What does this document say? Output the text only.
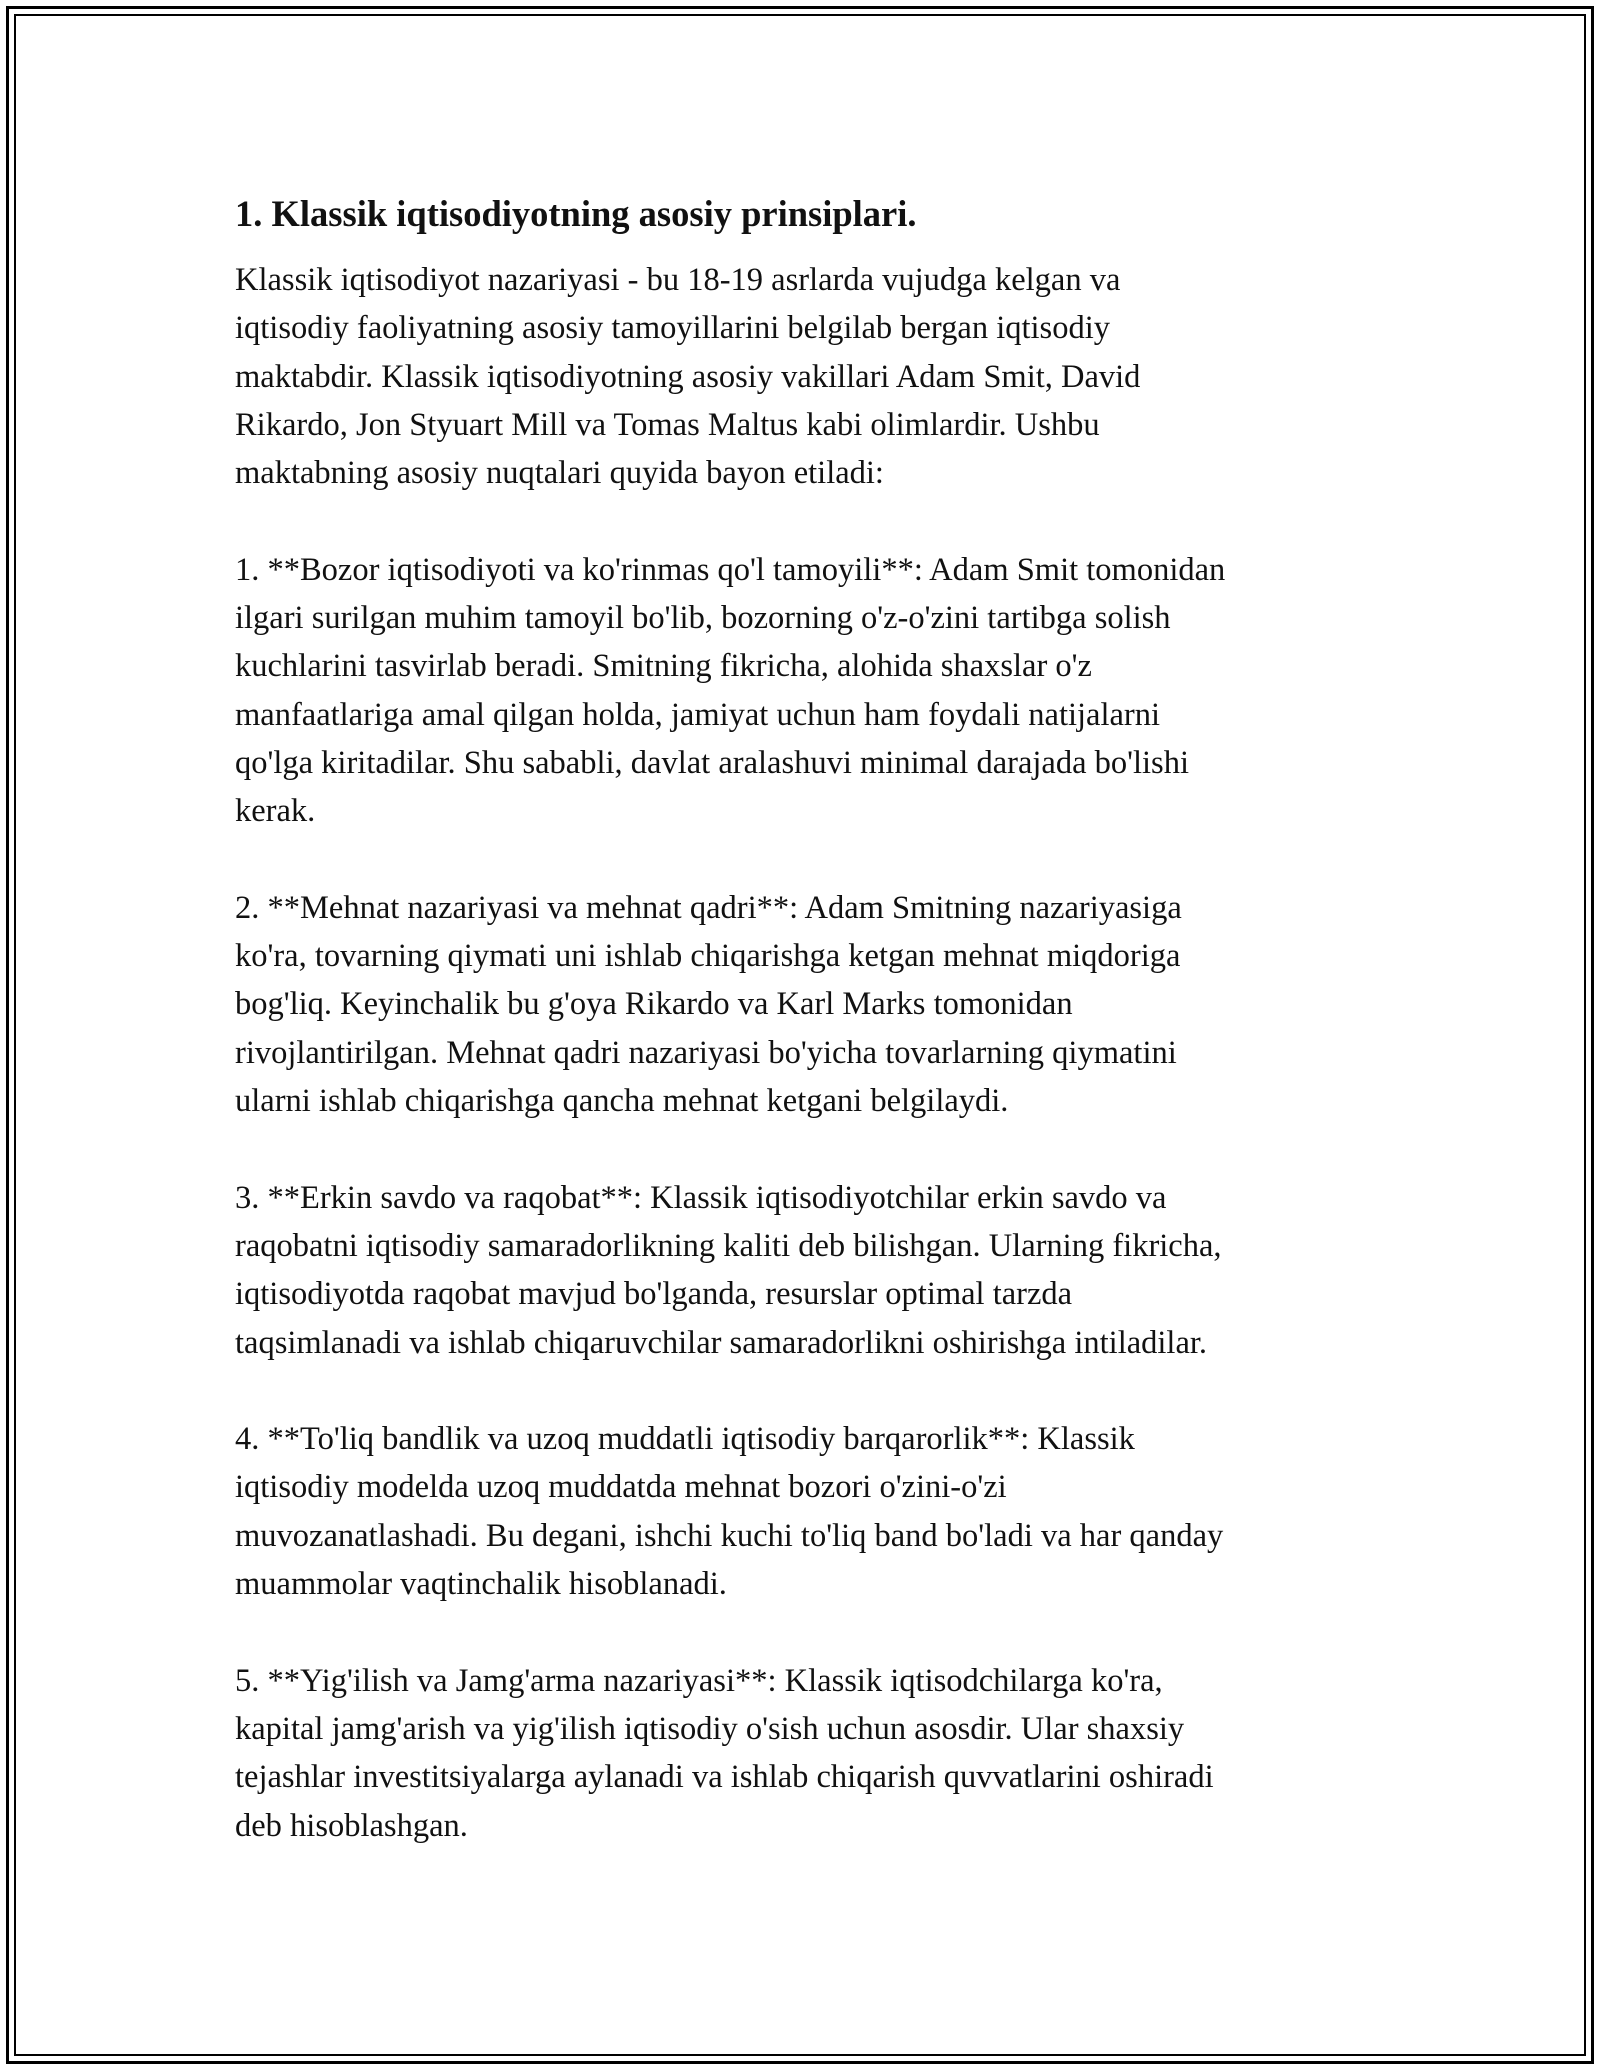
1. Klassik iqtisodiyotning asosiy prinsiplari.

Klassik iqtisodiyot nazariyasi - bu 18-19 asrlarda vujudga kelgan va
iqtisodiy faoliyatning asosiy tamoyillarini belgilab bergan iqtisodiy
maktabdir. Klassik iqtisodiyotning asosiy vakillari Adam Smit, David
Rikardo, Jon Styuart Mill va Tomas Maltus kabi olimlardir. Ushbu
maktabning asosiy nuqtalari quyida bayon etiladi:

1. **Bozor iqtisodiyoti va ko'rinmas qo'l tamoyili**: Adam Smit tomonidan
ilgari surilgan muhim tamoyil bo'lib, bozorning o'z-o'zini tartibga solish
kuchlarini tasvirlab beradi. Smitning fikricha, alohida shaxslar o'z
manfaatlariga amal qilgan holda, jamiyat uchun ham foydali natijalarni
qo'lga kiritadilar. Shu sababli, davlat aralashuvi minimal darajada bo'lishi
kerak.

2. **Mehnat nazariyasi va mehnat qadri**: Adam Smitning nazariyasiga
ko'ra, tovarning qiymati uni ishlab chiqarishga ketgan mehnat miqdoriga
bog'liq. Keyinchalik bu g'oya Rikardo va Karl Marks tomonidan
rivojlantirilgan. Mehnat qadri nazariyasi bo'yicha tovarlarning qiymatini
ularni ishlab chiqarishga qancha mehnat ketgani belgilaydi.

3. **Erkin savdo va raqobat**: Klassik iqtisodiyotchilar erkin savdo va
raqobatni iqtisodiy samaradorlikning kaliti deb bilishgan. Ularning fikricha,
iqtisodiyotda raqobat mavjud bo'lganda, resurslar optimal tarzda
taqsimlanadi va ishlab chiqaruvchilar samaradorlikni oshirishga intiladilar.

4. **To'liq bandlik va uzoq muddatli iqtisodiy barqarorlik**: Klassik
iqtisodiy modelda uzoq muddatda mehnat bozori o'zini-o'zi
muvozanatlashadi. Bu degani, ishchi kuchi to'liq band bo'ladi va har qanday
muammolar vaqtinchalik hisoblanadi.

5. **Yig'ilish va Jamg'arma nazariyasi**: Klassik iqtisodchilarga ko'ra,
kapital jamg'arish va yig'ilish iqtisodiy o'sish uchun asosdir. Ular shaxsiy
tejashlar investitsiyalarga aylanadi va ishlab chiqarish quvvatlarini oshiradi
deb hisoblashgan.
